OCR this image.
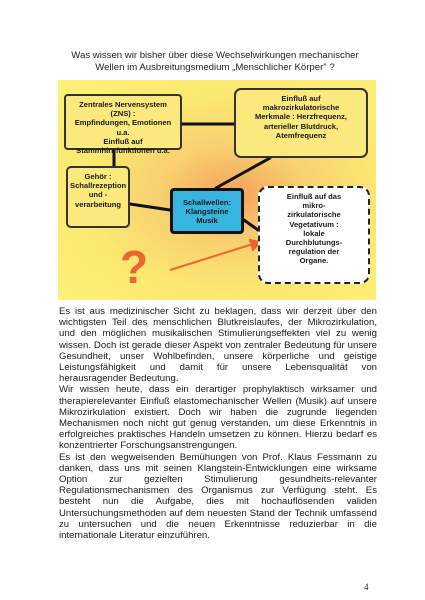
Was wissen wir bisher über diese Wechselwirkungen mechanischer
Wellen im Ausbreitungsmedium „Menschlicher Körper" ?
Zentrales Nervensystem (ZNS) :
Empfindungen, Emotionen u.a.
Einfluß auf
Stammhirnfunktionen u.a.
Einfluß auf
makrozirkulatorische
Merkmale : Herzfrequenz,
arterieller Blutdruck,
Atemfrequenz
Gehör :
Schallrezeption
und -
verarbeitung	Schallwellen:
Klangsteine
Musik
Einfluß auf das
mikro-
zirkulatorische
Vegetativum :
lokale
Durchblutungs-
regulation der
Organe.
?

Es ist aus medizinischer Sicht zu beklagen, dass wir derzeit über den wichtigsten Teil des menschlichen Blutkreislaufes, der Mikrozirkulation, und den möglichen musikalischen Stimulierungseffekten viel zu wenig wissen. Doch ist gerade dieser Aspekt von zentraler Bedeutung für unsere Gesundheit, unser Wohlbefinden, unsere körperliche und geistige Leistungsfähigkeit und damit für unsere Lebensqualität von herausragender Bedeutung.

Wir wissen heute, dass ein derartiger prophylaktisch wirksamer und therapierelevanter Einfluß elastomechanischer Wellen (Musik) auf unsere Mikrozirkulation existiert. Doch wir haben die zugrunde liegenden Mechanismen noch nicht gut genug verstanden, um diese Erkenntnis in erfolgreiches praktisches Handeln umsetzen zu können. Hierzu bedarf es konzentrierter Forschungsanstrengungen.

Es ist den wegweisenden Bemühungen von Prof. Klaus Fessmann zu danken, dass uns mit seinen Klangstein-Entwicklungen eine wirksame Option zur gezielten Stimulierung gesundheits-relevanter Regulationsmechanismen des Organismus zur Verfügung steht. Es besteht nun die Aufgabe, dies mit hochauflösenden validen Untersuchungsmethoden auf dem neuesten Stand der Technik umfassend zu untersuchen und die neuen Erkenntnisse reduzierbar in die internationale Literatur einzuführen.

4
